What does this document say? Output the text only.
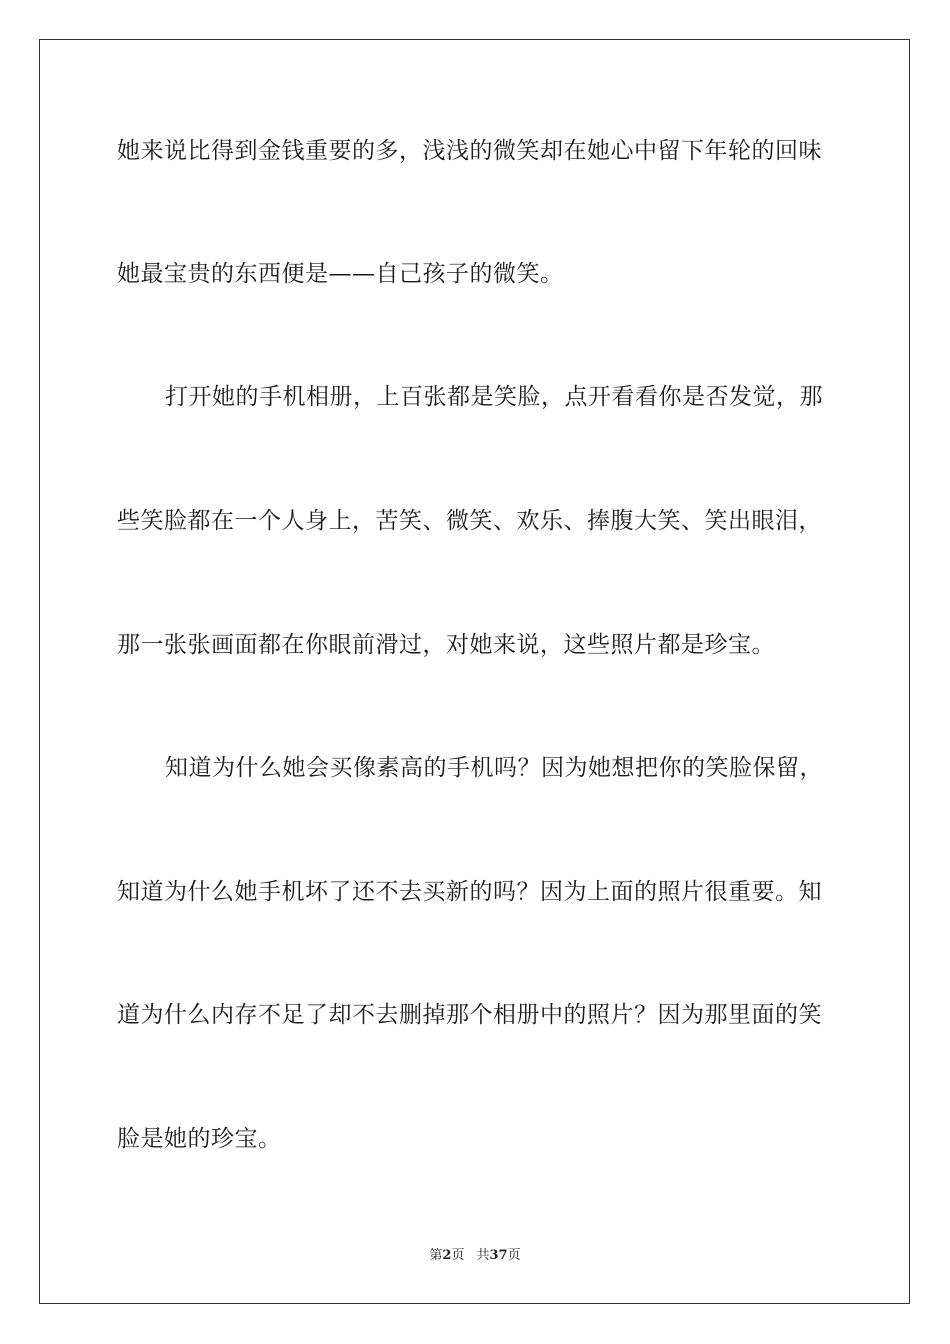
她来说比得到金钱重要的多，浅浅的微笑却在她心中留下年轮的回味
她最宝贵的东西便是——自己孩子的微笑。
打开她的手机相册，上百张都是笑脸，点开看看你是否发觉，那
些笑脸都在一个人身上，苦笑、微笑、欢乐、捧腹大笑、笑出眼泪，
那一张张画面都在你眼前滑过，对她来说，这些照片都是珍宝。
知道为什么她会买像素高的手机吗？因为她想把你的笑脸保留，
知道为什么她手机坏了还不去买新的吗？因为上面的照片很重要。知
道为什么内存不足了却不去删掉那个相册中的照片？因为那里面的笑
脸是她的珍宝。
第2页 共37页
